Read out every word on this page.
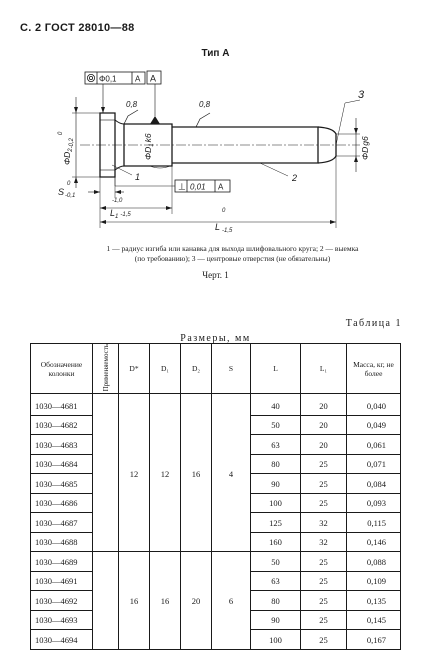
С. 2 ГОСТ 28010—88
Тип А
Φ0,1 A A
0,8	0,8
$\Phi D_2-0,2$
0
$\Phi D_1k6$
ΦDg6
1	2
3
⊥ 0,01 A
$S_{-0,1}$
0
-1,0
$L_1$ $^{-1,5}$
0
L $_{-1,5}$
1 — радиус изгиба или канавка для выхода шлифовального круга; 2 — выемка
(по требованию); 3 — центровые отверстия (не обязательны)
Черт. 1
Таблица 1
Размеры, мм
Обозначение колонки	Применяемость	D*	D₁	D₂	S	L	L₁	Масса, кг, не более
1030—4681		12	12	16	4	40	20	0,040
1030—4682						50	20	0,049
1030—4683						63	20	0,061
1030—4684						80	25	0,071
1030—4685						90	25	0,084
1030—4686						100	25	0,093
1030—4687						125	32	0,115
1030—4688						160	32	0,146
1030—4689		16	16	20	6	50	25	0,088
1030—4691						63	25	0,109
1030—4692						80	25	0,135
1030—4693						90	25	0,145
1030—4694						100	25	0,167
